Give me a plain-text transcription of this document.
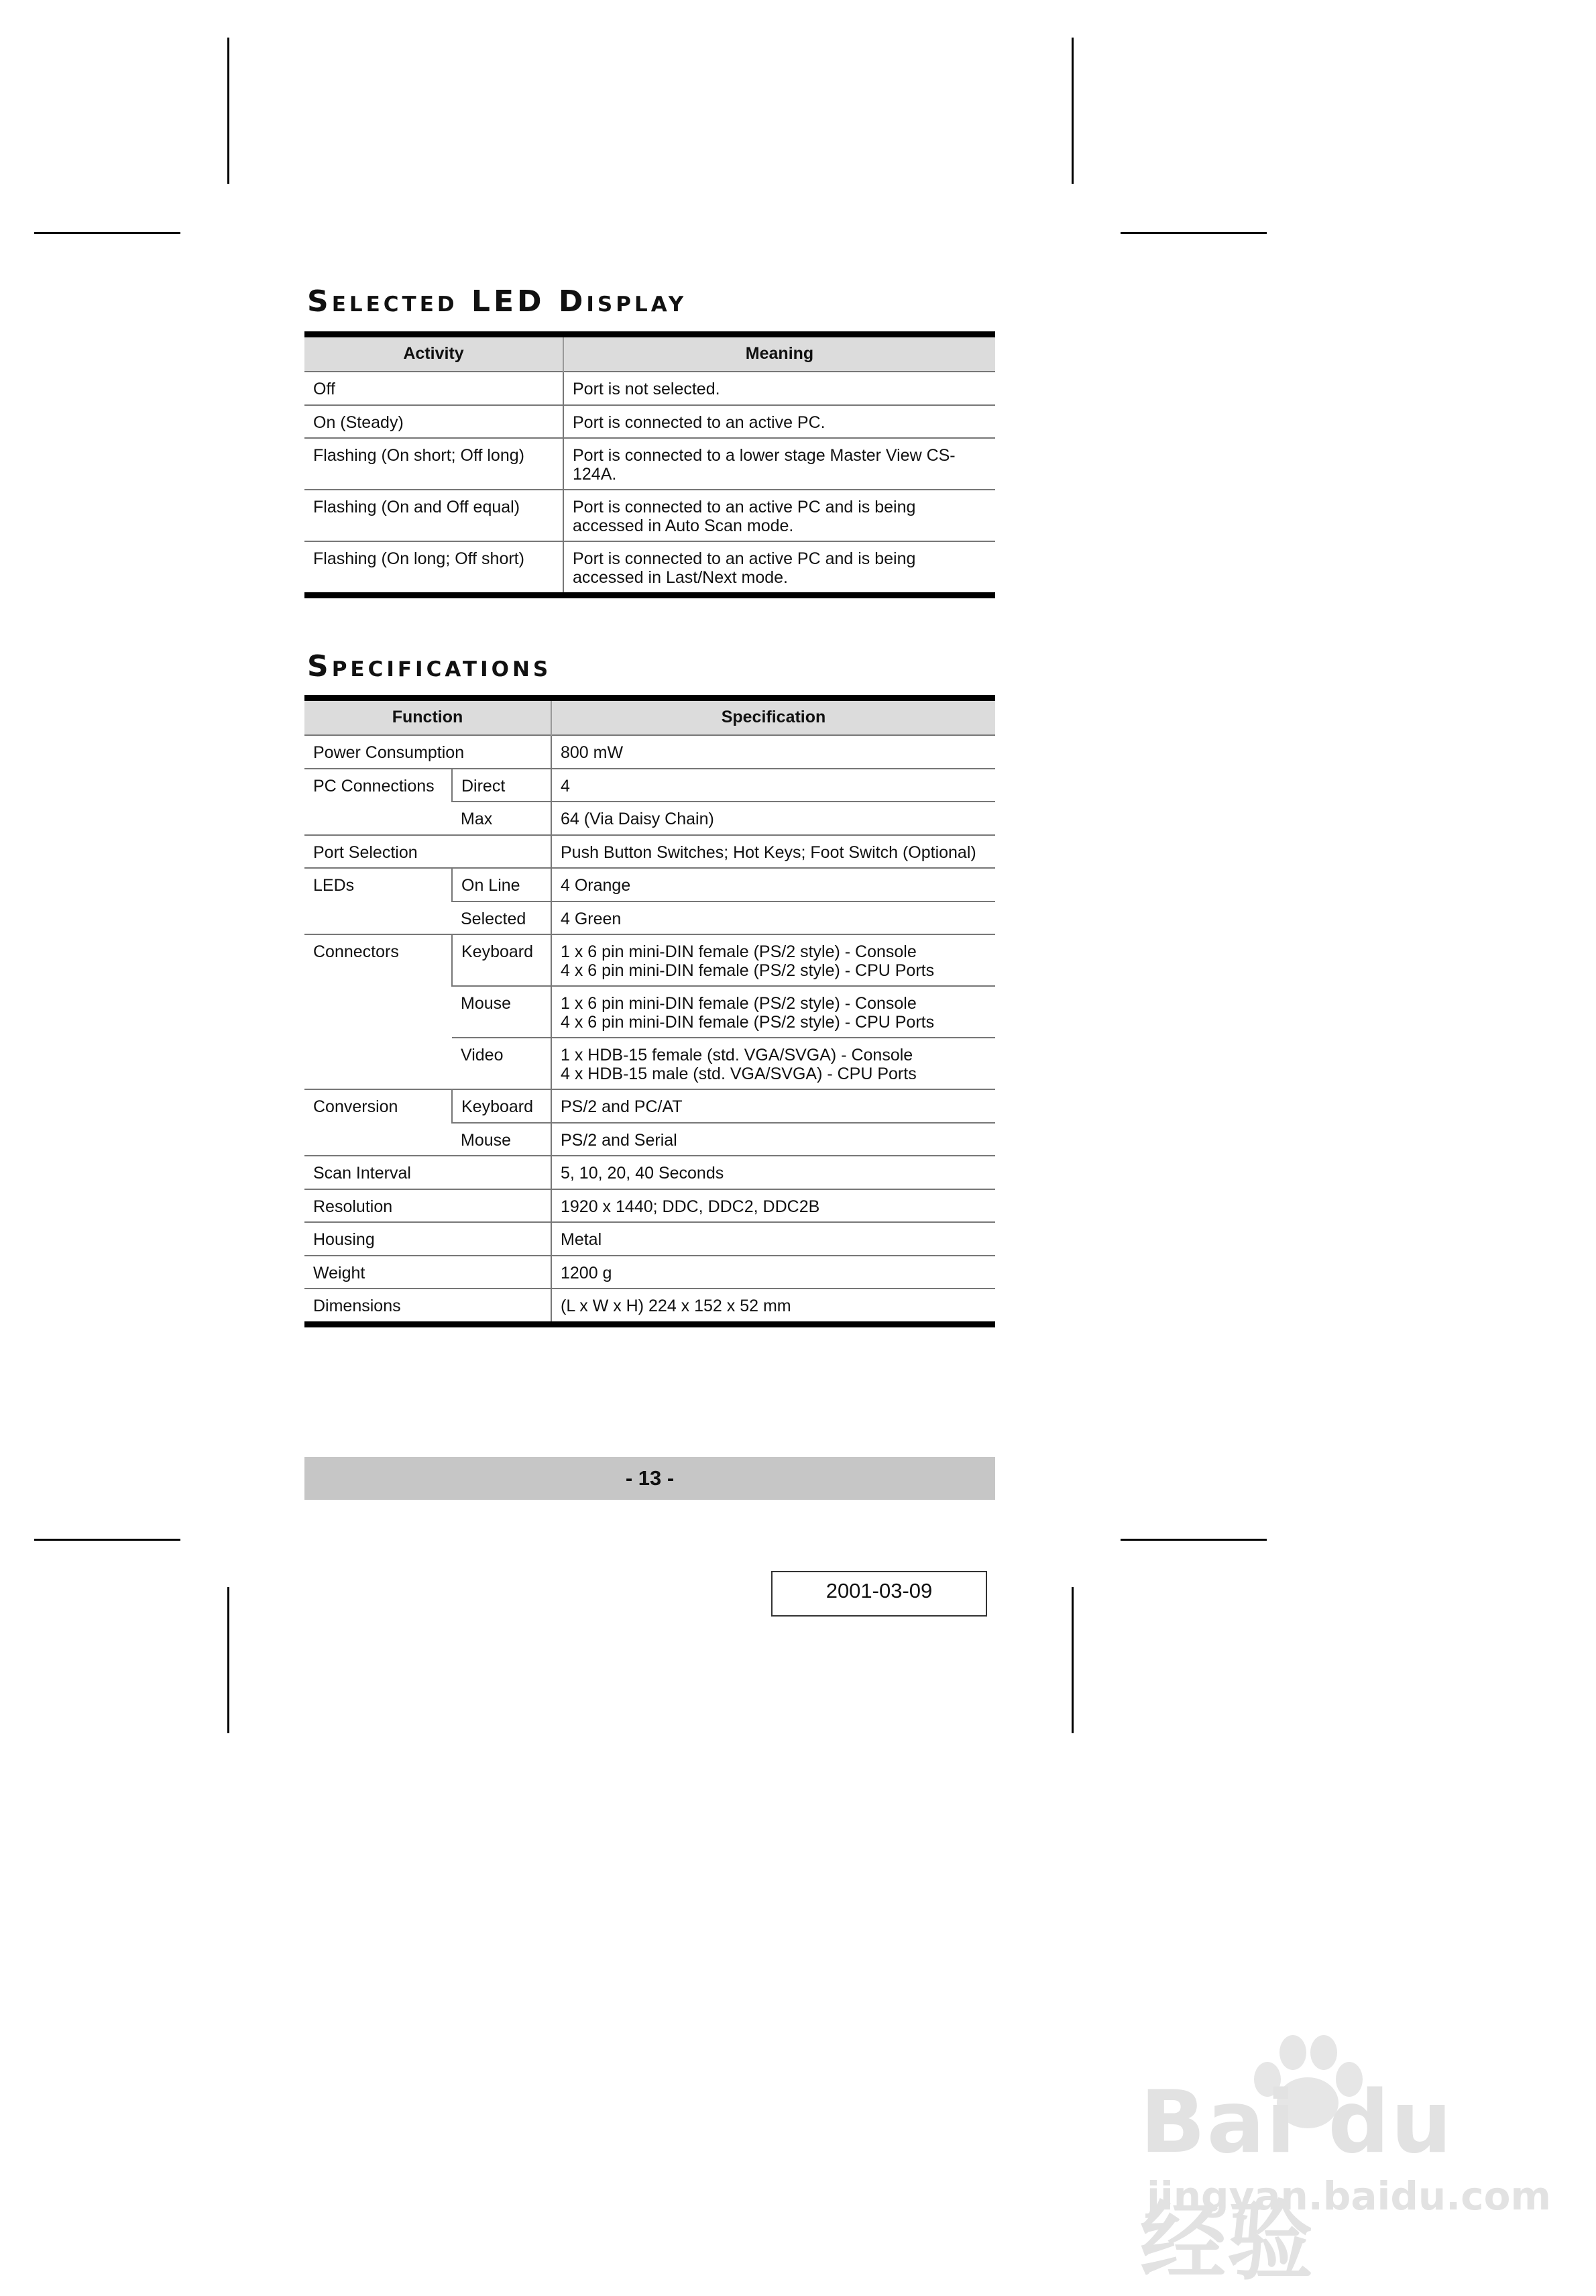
Selected LED Display
Activity	Meaning
Off	Port is not selected.
On (Steady)	Port is connected to an active PC.
Flashing (On short; Off long)	Port is connected to a lower stage Master View CS-124A.
Flashing (On and Off equal)	Port is connected to an active PC and is being accessed in Auto Scan mode.
Flashing (On long; Off short)	Port is connected to an active PC and is being accessed in Last/Next mode.
Specifications
Function		Specification
Power Consumption		800 mW
PC Connections	Direct	4
	Max	64 (Via Daisy Chain)
Port Selection		Push Button Switches; Hot Keys; Foot Switch (Optional)
LEDs	On Line	4 Orange
	Selected	4 Green
Connectors	Keyboard	1 x 6 pin mini-DIN female (PS/2 style) - Console
4 x 6 pin mini-DIN female (PS/2 style) - CPU Ports

	Mouse	1 x 6 pin mini-DIN female (PS/2 style) - Console
4 x 6 pin mini-DIN female (PS/2 style) - CPU Ports

	Video	1 x HDB-15 female (std. VGA/SVGA) - Console
4 x HDB-15 male (std. VGA/SVGA) - CPU Ports

Conversion	Keyboard	PS/2 and PC/AT
	Mouse	PS/2 and Serial
Scan Interval		5, 10, 20, 40 Seconds
Resolution		1920 x 1440; DDC, DDC2, DDC2B
Housing		Metal
Weight		1200 g
Dimensions		(L x W x H) 224 x 152 x 52 mm
- 13 -
2001-03-09
Bai du 经验
jingyan.baidu.com
